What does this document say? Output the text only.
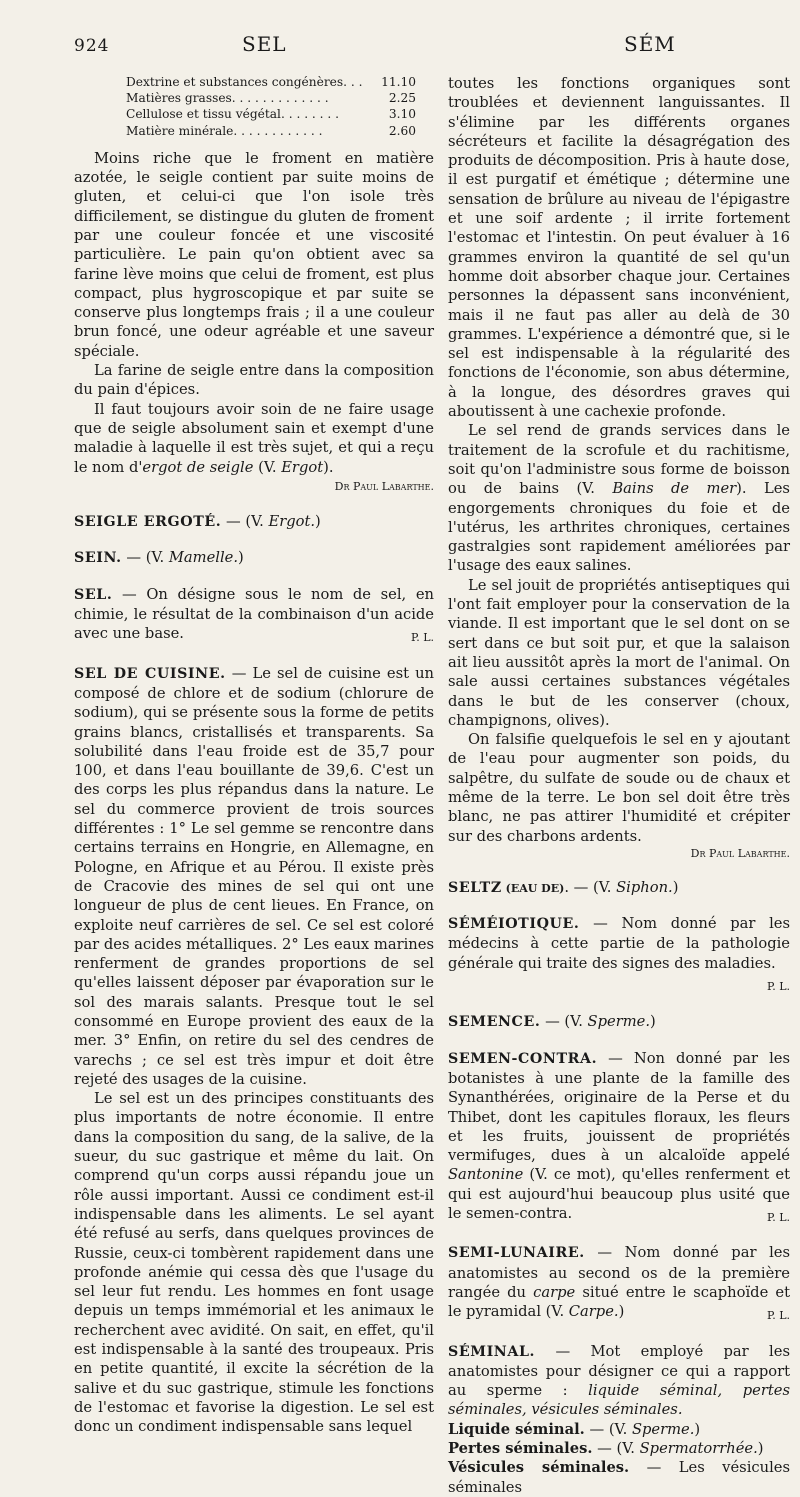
924	SEL	SÉM
Dextrine et substances congénères. . .	11.10
Matières grasses. . . . . . . . . . . . .	2.25
Cellulose et tissu végétal. . . . . . . .	3.10
Matière minérale. . . . . . . . . . . .	2.60

Moins riche que le froment en matière azotée, le seigle contient par suite moins de gluten, et celui-ci que l'on isole très difficilement, se distingue du gluten de froment par une couleur foncée et une viscosité particulière. Le pain qu'on obtient avec sa farine lève moins que celui de froment, est plus compact, plus hygroscopique et par suite se conserve plus longtemps frais ; il a une couleur brun foncé, une odeur agréable et une saveur spéciale.

La farine de seigle entre dans la composition du pain d'épices.

Il faut toujours avoir soin de ne faire usage que de seigle absolument sain et exempt d'une maladie à laquelle il est très sujet, et qui a reçu le nom d'ergot de seigle (V. Ergot).
Dr Paul Labarthe.

SEIGLE ERGOTÉ. — (V. Ergot.)

SEIN. — (V. Mamelle.)

SEL. — On désigne sous le nom de sel, en chimie, le résultat de la combinaison d'un acide avec une base.	P. L.

SEL DE CUISINE. — Le sel de cuisine est un composé de chlore et de sodium (chlorure de sodium), qui se présente sous la forme de petits grains blancs, cristallisés et transparents. Sa solubilité dans l'eau froide est de 35,7 pour 100, et dans l'eau bouillante de 39,6. C'est un des corps les plus répandus dans la nature. Le sel du commerce provient de trois sources différentes : 1° Le sel gemme se rencontre dans certains terrains en Hongrie, en Allemagne, en Pologne, en Afrique et au Pérou. Il existe près de Cracovie des mines de sel qui ont une longueur de plus de cent lieues. En France, on exploite neuf carrières de sel. Ce sel est coloré par des acides métalliques. 2° Les eaux marines renferment de grandes proportions de sel qu'elles laissent déposer par évaporation sur le sol des marais salants. Presque tout le sel consommé en Europe provient des eaux de la mer. 3° Enfin, on retire du sel des cendres de varechs ; ce sel est très impur et doit être rejeté des usages de la cuisine.

Le sel est un des principes constituants des plus importants de notre économie. Il entre dans la composition du sang, de la salive, de la sueur, du suc gastrique et même du lait. On comprend qu'un corps aussi répandu joue un rôle aussi important. Aussi ce condiment est-il indispensable dans les aliments. Le sel ayant été refusé au serfs, dans quelques provinces de Russie, ceux-ci tombèrent rapidement dans une profonde anémie qui cessa dès que l'usage du sel leur fut rendu. Les hommes en font usage depuis un temps immémorial et les animaux le recherchent avec avidité. On sait, en effet, qu'il est indispensable à la santé des troupeaux. Pris en petite quantité, il excite la sécrétion de la salive et du suc gastrique, stimule les fonctions de l'estomac et favorise la digestion. Le sel est donc un condiment indispensable sans lequel

toutes les fonctions organiques sont troublées et deviennent languissantes. Il s'élimine par les différents organes sécréteurs et facilite la désagrégation des produits de décomposition. Pris à haute dose, il est purgatif et émétique ; détermine une sensation de brûlure au niveau de l'épigastre et une soif ardente ; il irrite fortement l'estomac et l'intestin. On peut évaluer à 16 grammes environ la quantité de sel qu'un homme doit absorber chaque jour. Certaines personnes la dépassent sans inconvénient, mais il ne faut pas aller au delà de 30 grammes. L'expérience a démontré que, si le sel est indispensable à la régularité des fonctions de l'économie, son abus détermine, à la longue, des désordres graves qui aboutissent à une cachexie profonde.

Le sel rend de grands services dans le traitement de la scrofule et du rachitisme, soit qu'on l'administre sous forme de boisson ou de bains (V. Bains de mer). Les engorgements chroniques du foie et de l'utérus, les arthrites chroniques, certaines gastralgies sont rapidement améliorées par l'usage des eaux salines.

Le sel jouit de propriétés antiseptiques qui l'ont fait employer pour la conservation de la viande. Il est important que le sel dont on se sert dans ce but soit pur, et que la salaison ait lieu aussitôt après la mort de l'animal. On sale aussi certaines substances végétales dans le but de les conserver (choux, champignons, olives).

On falsifie quelquefois le sel en y ajoutant de l'eau pour augmenter son poids, du salpêtre, du sulfate de soude ou de chaux et même de la terre. Le bon sel doit être très blanc, ne pas attirer l'humidité et crépiter sur des charbons ardents.

Dr Paul Labarthe.

SELTZ (EAU DE). — (V. Siphon.)

SÉMÉIOTIQUE. — Nom donné par les médecins à cette partie de la pathologie générale qui traite des signes des maladies.
P. L.

SEMENCE. — (V. Sperme.)

SEMEN-CONTRA. — Non donné par les botanistes à une plante de la famille des Synanthérées, originaire de la Perse et du Thibet, dont les capitules floraux, les fleurs et les fruits, jouissent de propriétés vermifuges, dues à un alcaloïde appelé Santonine (V. ce mot), qu'elles renferment et qui est aujourd'hui beaucoup plus usité que le semen-contra.	P. L.

SEMI-LUNAIRE. — Nom donné par les anatomistes au second os de la première rangée du carpe situé entre le scaphoïde et le pyramidal (V. Carpe.)	P. L.

SÉMINAL. — Mot employé par les anatomistes pour désigner ce qui a rapport au sperme : liquide séminal, pertes séminales, vésicules séminales.

Liquide séminal. — (V. Sperme.)

Pertes séminales. — (V. Spermatorrhée.)

Vésicules séminales. — Les vésicules séminales
